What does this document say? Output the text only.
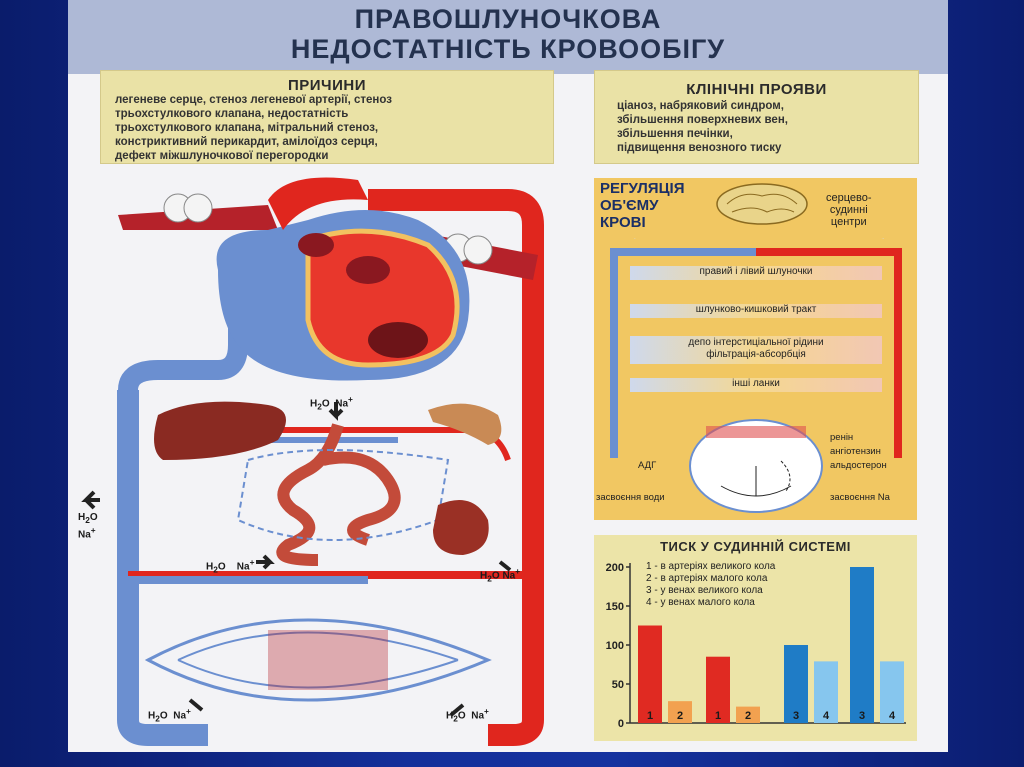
ПРАВОШЛУНОЧКОВА
НЕДОСТАТНІСТЬ КРОВООБІГУ
ПРИЧИНИ
легеневе серце, стеноз легеневої артерії, стеноз
трьохстулкового клапана, недостатність
трьохстулкового клапана, мітральний стеноз,
констриктивний перикардит, амілоїдоз серця,
дефект міжшлуночкової перегородки
КЛІНІЧНІ ПРОЯВИ
ціаноз, набряковий синдром,
збільшення поверхневих вен,
збільшення печінки,
підвищення венозного тиску
$H_2O$ Na+
$H_2O$
Na+
$H_2O$ Na+
$H_2O$ Na+
$H_2O$ Na+	$H_2O$ Na+
РЕГУЛЯЦІЯ
ОБ'ЄМУ
КРОВІ
серцево-
судинні
центри
правий і лівий шлуночки
шлунково-кишковий тракт
депо інтерстиціальної рідини
фільтрація-абсорбція
інші ланки
ренін
ангіотензин
альдостерон
АДГ
засвоєння води	засвоєння Na
ТИСК У СУДИННІЙ СИСТЕМІ
1 - в артеріях великого кола
2 - в артеріях малого кола
3 - у венах великого кола
4 - у венах малого кола
0
50
100
150
200
1 2	1 2	3 4	3 4
